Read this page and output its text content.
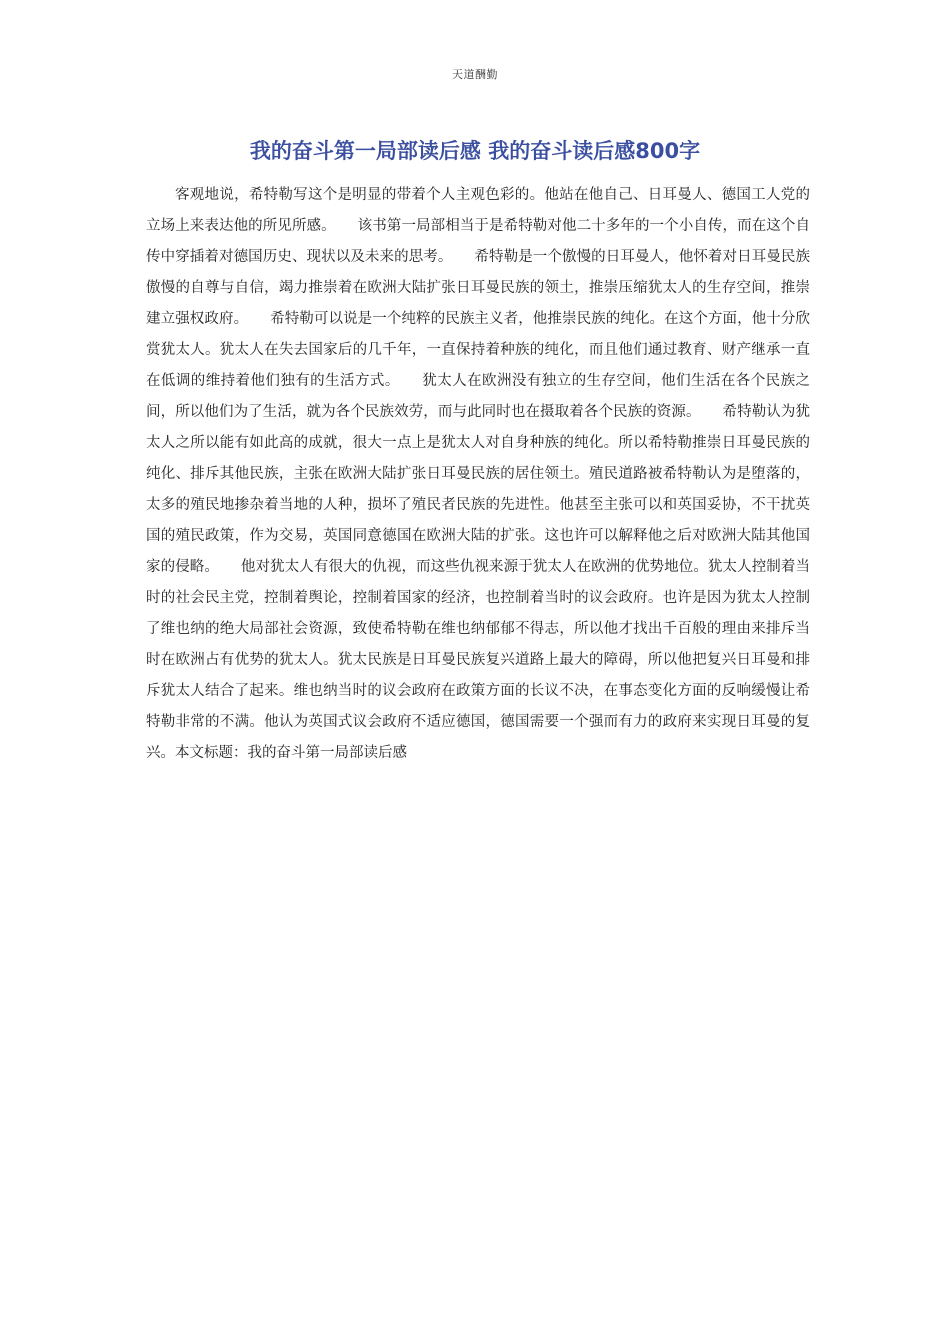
天道酬勤
我的奋斗第一局部读后感 我的奋斗读后感800字
客观地说，希特勒写这个是明显的带着个人主观色彩的。他站在他自己、日耳曼人、德国工人党的立场上来表达他的所见所感。　　该书第一局部相当于是希特勒对他二十多年的一个小自传，而在这个自传中穿插着对德国历史、现状以及未来的思考。　　希特勒是一个傲慢的日耳曼人，他怀着对日耳曼民族傲慢的自尊与自信，竭力推崇着在欧洲大陆扩张日耳曼民族的领土，推崇压缩犹太人的生存空间，推崇建立强权政府。　　希特勒可以说是一个纯粹的民族主义者，他推崇民族的纯化。在这个方面，他十分欣赏犹太人。犹太人在失去国家后的几千年，一直保持着种族的纯化，而且他们通过教育、财产继承一直在低调的维持着他们独有的生活方式。　　犹太人在欧洲没有独立的生存空间，他们生活在各个民族之间，所以他们为了生活，就为各个民族效劳，而与此同时也在摄取着各个民族的资源。　　希特勒认为犹太人之所以能有如此高的成就，很大一点上是犹太人对自身种族的纯化。所以希特勒推崇日耳曼民族的纯化、排斥其他民族，主张在欧洲大陆扩张日耳曼民族的居住领土。殖民道路被希特勒认为是堕落的，太多的殖民地掺杂着当地的人种，损坏了殖民者民族的先进性。他甚至主张可以和英国妥协，不干扰英国的殖民政策，作为交易，英国同意德国在欧洲大陆的扩张。这也许可以解释他之后对欧洲大陆其他国家的侵略。　　他对犹太人有很大的仇视，而这些仇视来源于犹太人在欧洲的优势地位。犹太人控制着当时的社会民主党，控制着舆论，控制着国家的经济，也控制着当时的议会政府。也许是因为犹太人控制了维也纳的绝大局部社会资源，致使希特勒在维也纳郁郁不得志，所以他才找出千百般的理由来排斥当时在欧洲占有优势的犹太人。犹太民族是日耳曼民族复兴道路上最大的障碍，所以他把复兴日耳曼和排斥犹太人结合了起来。维也纳当时的议会政府在政策方面的长议不决，在事态变化方面的反响缓慢让希特勒非常的不满。他认为英国式议会政府不适应德国，德国需要一个强而有力的政府来实现日耳曼的复兴。本文标题：我的奋斗第一局部读后感
